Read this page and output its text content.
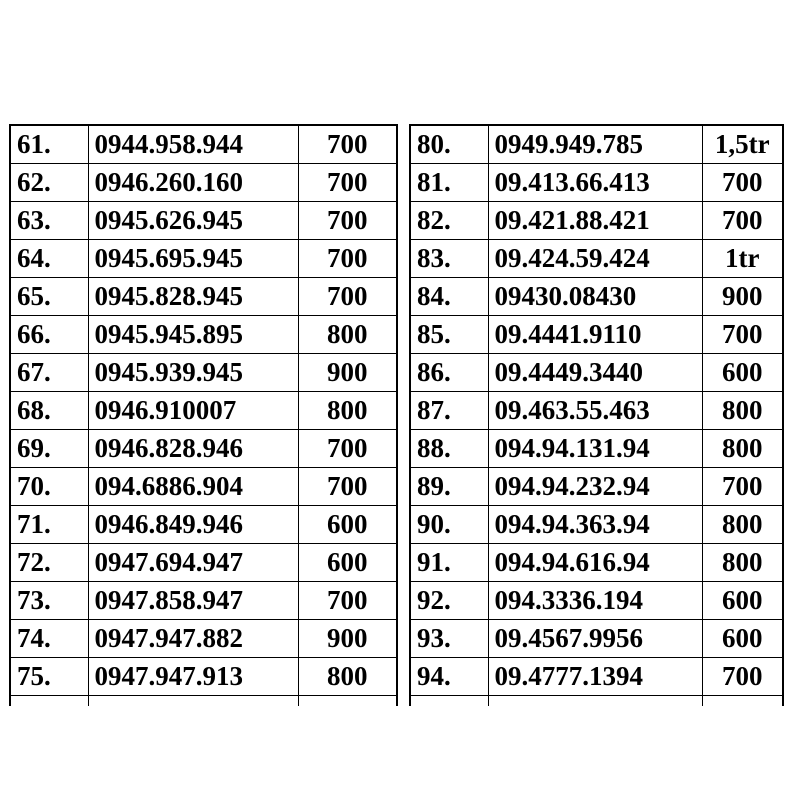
61.	0944.958.944	700
62.	0946.260.160	700
63.	0945.626.945	700
64.	0945.695.945	700
65.	0945.828.945	700
66.	0945.945.895	800
67.	0945.939.945	900
68.	0946.910007	800
69.	0946.828.946	700
70.	094.6886.904	700
71.	0946.849.946	600
72.	0947.694.947	600
73.	0947.858.947	700
74.	0947.947.882	900
75.	0947.947.913	800

80.	0949.949.785	1,5tr
81.	09.413.66.413	700
82.	09.421.88.421	700
83.	09.424.59.424	1tr
84.	09430.08430	900
85.	09.4441.9110	700
86.	09.4449.3440	600
87.	09.463.55.463	800
88.	094.94.131.94	800
89.	094.94.232.94	700
90.	094.94.363.94	800
91.	094.94.616.94	800
92.	094.3336.194	600
93.	09.4567.9956	600
94.	09.4777.1394	700
